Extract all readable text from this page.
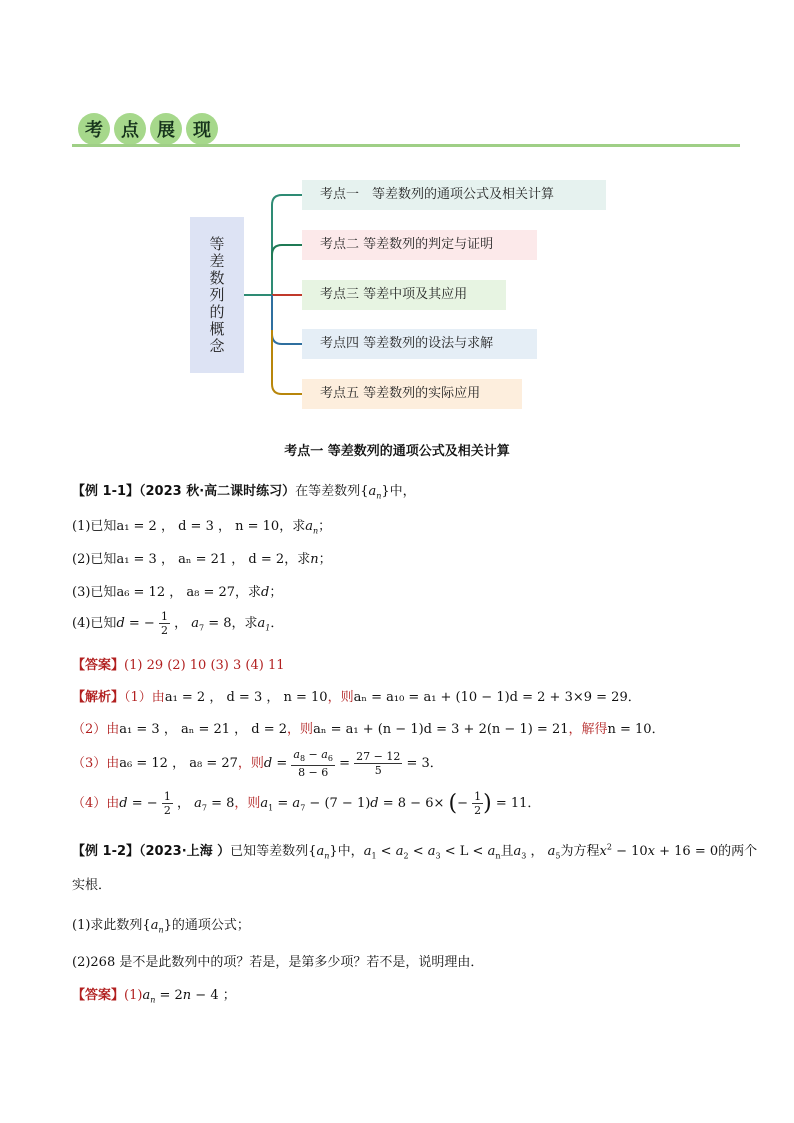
考	点	展	现
等差数列的概念
考点一　等差数列的通项公式及相关计算
考点二 等差数列的判定与证明
考点三 等差中项及其应用
考点四 等差数列的设法与求解
考点五 等差数列的实际应用
考点一 等差数列的通项公式及相关计算
【例 1-1】（2023 秋·高二课时练习）在等差数列$\{a_n\}$中，
(1)已知a₁ = 2 ， d = 3 ， n = 10，求$a_n$；
(2)已知a₁ = 3 ， aₙ = 21 ， d = 2，求n；
(3)已知a₆ = 12 ， a₈ = 27，求d；
(4)已知d = − $\frac{1}{2}$ ， $a_7 = 8$，求$a_1$．
【答案】(1) 29 (2) 10 (3) 3 (4) 11
【解析】（1）由a₁ = 2 ， d = 3 ， n = 10，则aₙ = a₁₀ = a₁ + (10 − 1)d = 2 + 3×9 = 29．
（2）由a₁ = 3 ， aₙ = 21 ， d = 2，则aₙ = a₁ + (n − 1)d = 3 + 2(n − 1) = 21，解得n = 10．
（3）由a₆ = 12 ， a₈ = 27，则$d = \frac{a_8 - a_6}{8 - 6} = \frac{27 - 12}{5} = 3$．
（4）由d = − $\frac{1}{2}$ ， $a_7 = 8$，则$a_1 = a_7 - (7 - 1)d = 8 - 6\times$ (− $\frac{1}{2}$ ) = 11．
【例 1-2】（2023·上海 ）已知等差数列$\{a_n\}$中，$a_1 < a_2 < a_3 < L < a_n$且$a_3$ ， $a_5$为方程$x^2 - 10x + 16 = 0$的两个
实根．
(1)求此数列$\{a_n\}$的通项公式；
(2)268 是不是此数列中的项？若是，是第多少项？若不是，说明理由．
【答案】$(1)a_n = 2n - 4$ ；
